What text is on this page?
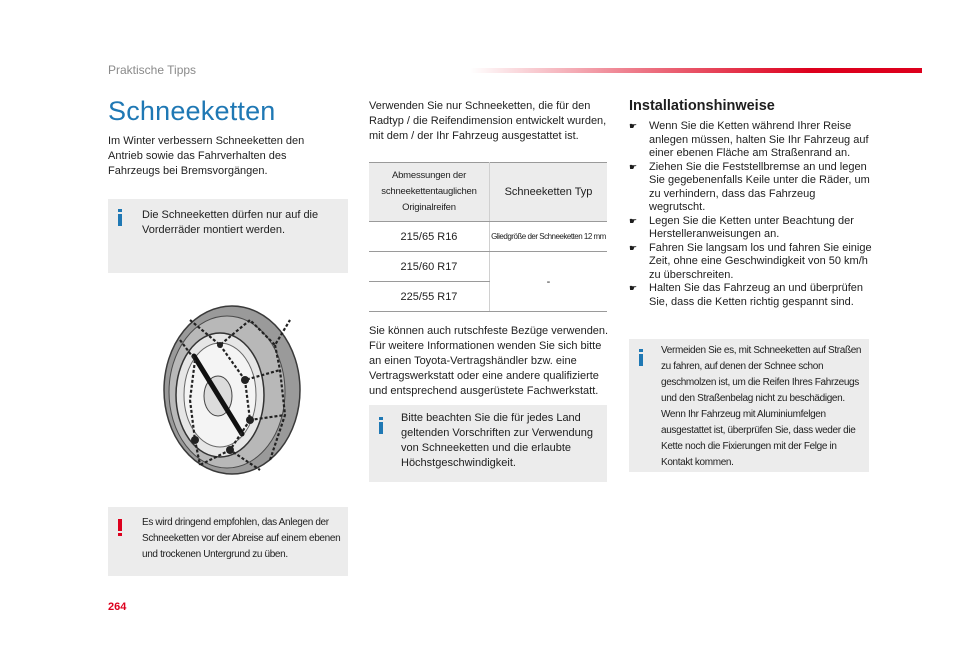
Praktische Tipps
Schneeketten
Im Winter verbessern Schneeketten den Antrieb sowie das Fahrverhalten des Fahrzeugs bei Bremsvorgängen.
Die Schneeketten dürfen nur auf die Vorderräder montiert werden.
Es wird dringend empfohlen, das Anlegen der Schneeketten vor der Abreise auf einem ebenen und trockenen Untergrund zu üben.
Verwenden Sie nur Schneeketten, die für den Radtyp / die Reifendimension entwickelt wurden, mit dem / der Ihr Fahrzeug ausgestattet ist.
Abmessungen der schneekettentauglichen Originalreifen	Schneeketten Typ
215/65 R16	Gliedgröße der Schneeketten 12 mm
215/60 R17	-
225/55 R17	
Sie können auch rutschfeste Bezüge verwenden. Für weitere Informationen wenden Sie sich bitte an einen Toyota-Vertragshändler bzw. eine Vertragswerkstatt oder eine andere qualifizierte und entsprechend ausgerüstete Fachwerkstatt.
Bitte beachten Sie die für jedes Land geltenden Vorschriften zur Verwendung von Schneeketten und die erlaubte Höchstgeschwindigkeit.
Installationshinweise
☛ Wenn Sie die Ketten während Ihrer Reise anlegen müssen, halten Sie Ihr Fahrzeug auf einer ebenen Fläche am Straßenrand an.
☛ Ziehen Sie die Feststellbremse an und legen Sie gegebenenfalls Keile unter die Räder, um zu verhindern, dass das Fahrzeug wegrutscht.
☛ Legen Sie die Ketten unter Beachtung der Herstelleranweisungen an.
☛ Fahren Sie langsam los und fahren Sie einige Zeit, ohne eine Geschwindigkeit von 50 km/h zu überschreiten.
☛ Halten Sie das Fahrzeug an und überprüfen Sie, dass die Ketten richtig gespannt sind.
Vermeiden Sie es, mit Schneeketten auf Straßen zu fahren, auf denen der Schnee schon geschmolzen ist, um die Reifen Ihres Fahrzeugs und den Straßenbelag nicht zu beschädigen. Wenn Ihr Fahrzeug mit Aluminiumfelgen ausgestattet ist, überprüfen Sie, dass weder die Kette noch die Fixierungen mit der Felge in Kontakt kommen.
264
